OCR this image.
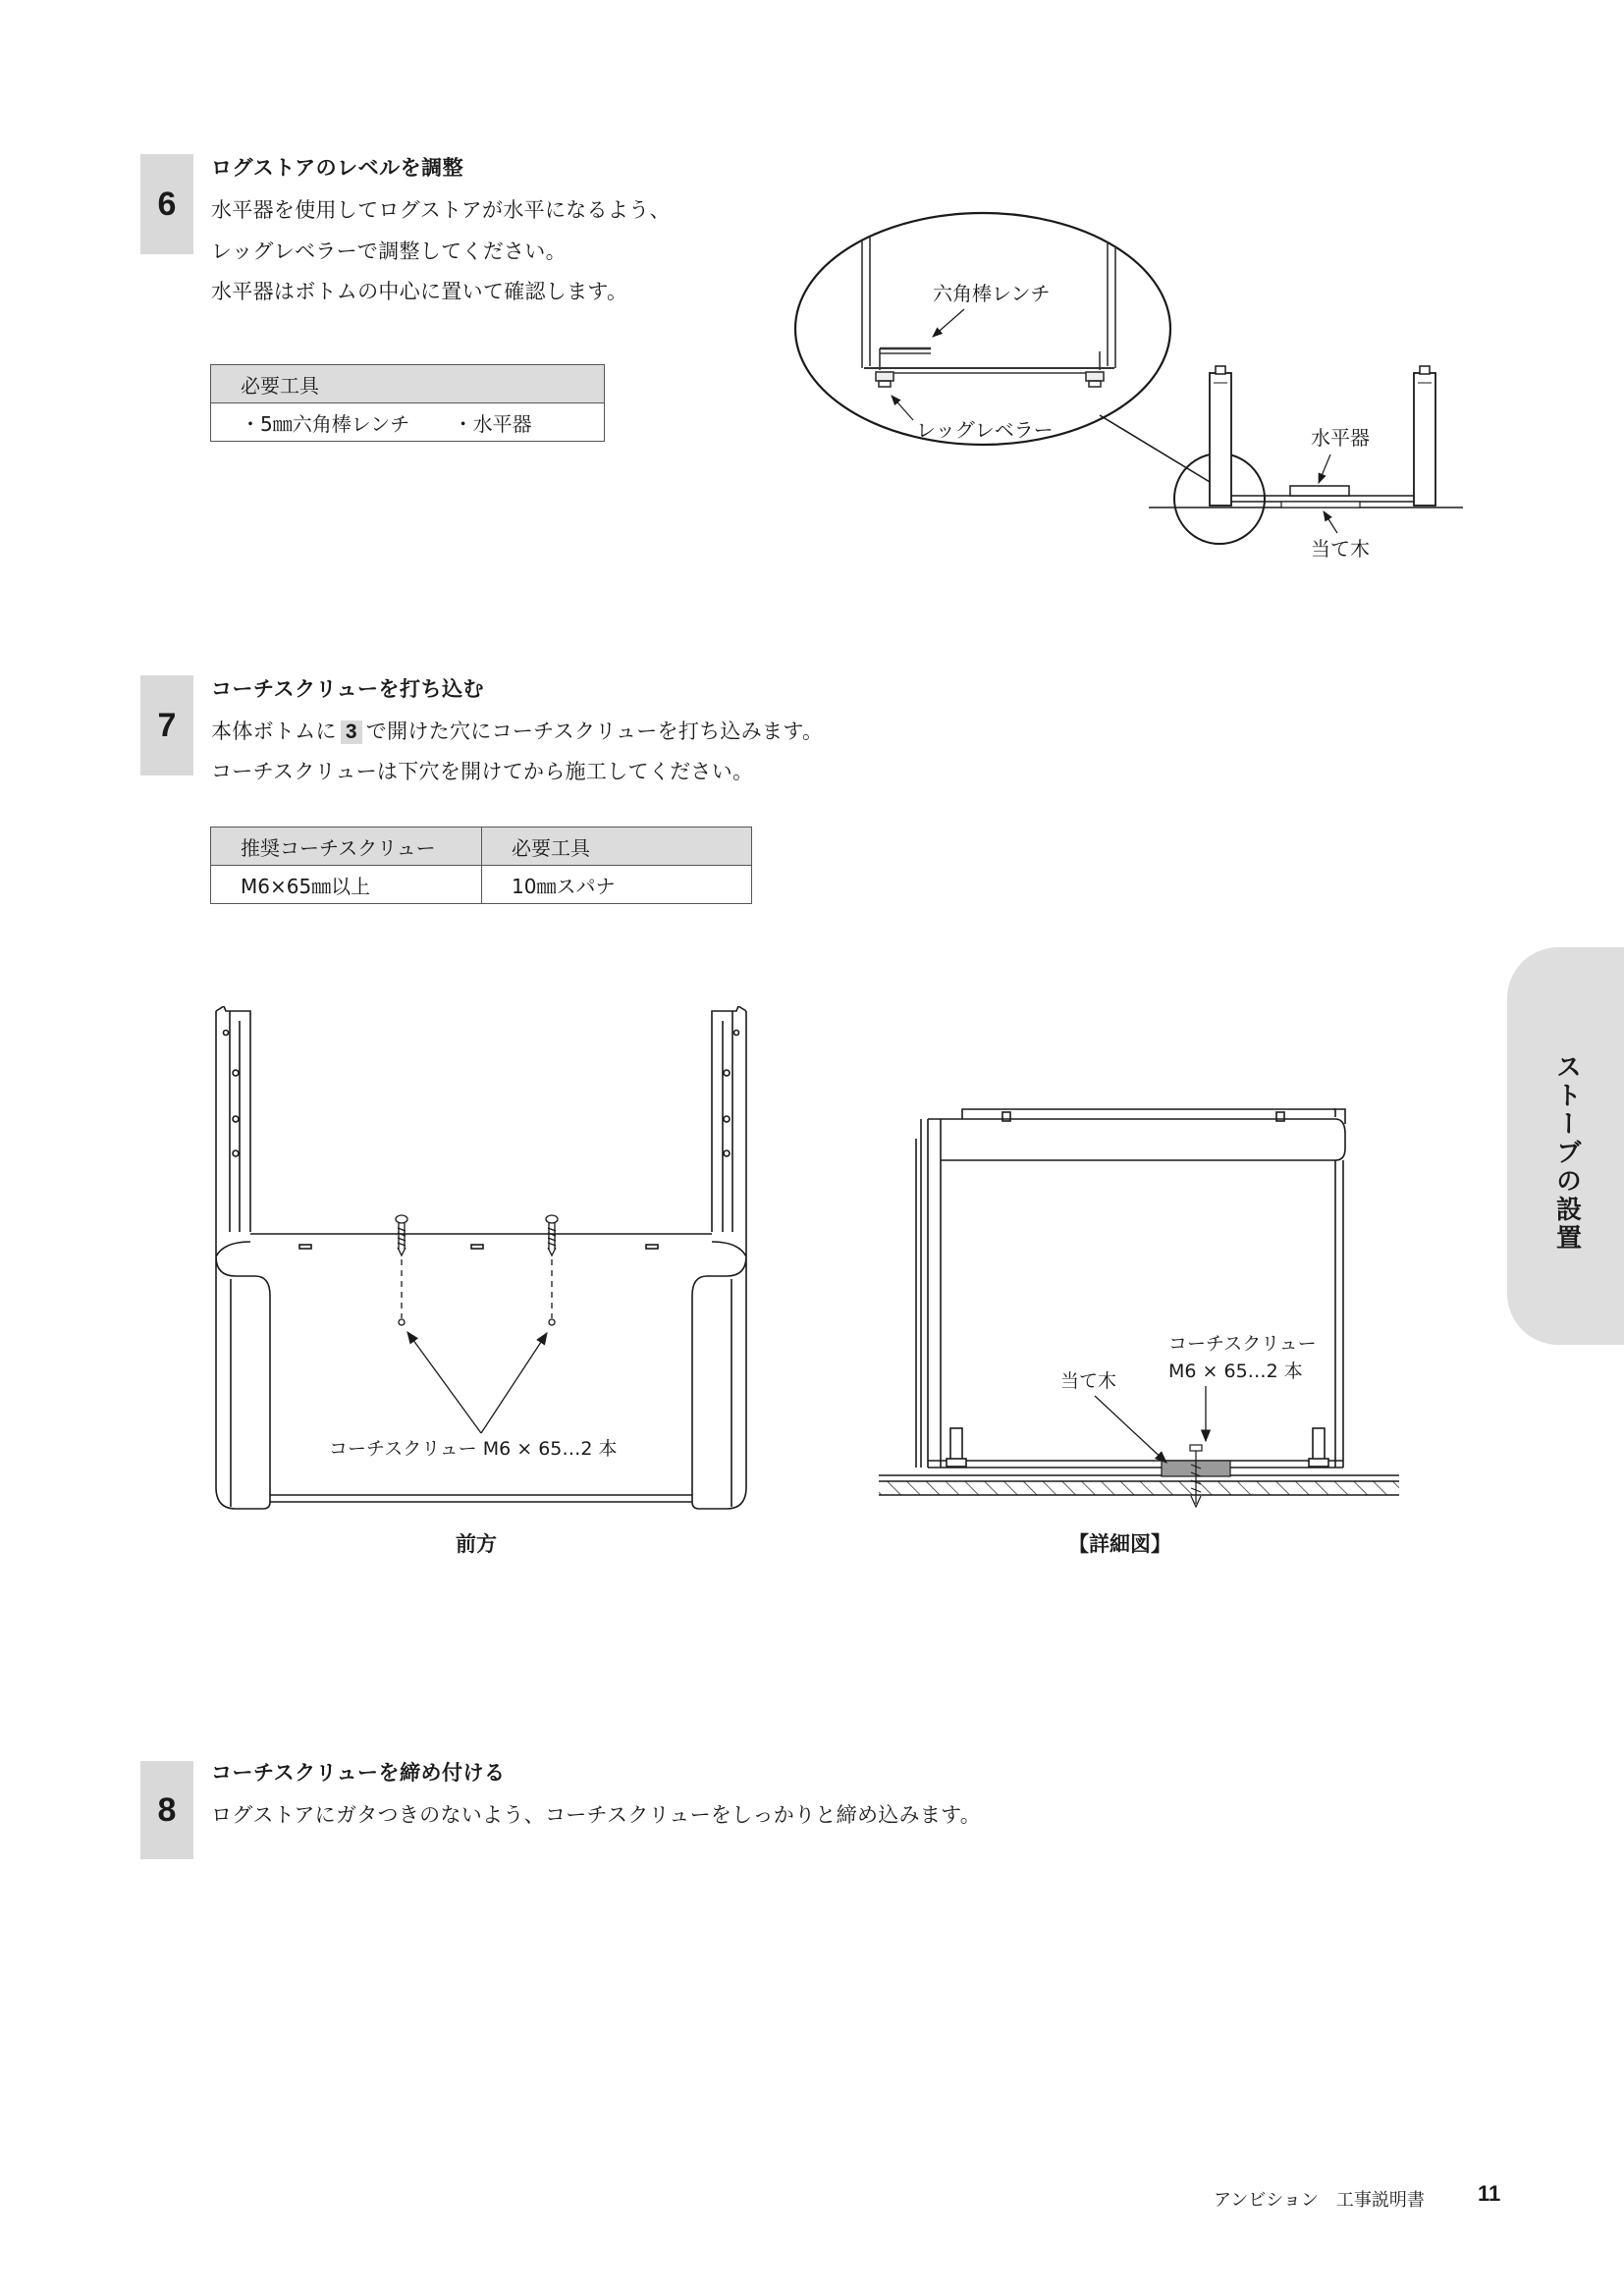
6
ログストアのレベルを調整
水平器を使用してログストアが水平になるよう、
レッグレベラーで調整してください。
水平器はボトムの中心に置いて確認します。
必要工具
・5㎜六角棒レンチ ・水平器
六角棒レンチ
レッグレベラー	水平器
当て木
7
コーチスクリューを打ち込む
本体ボトムに 3 で開けた穴にコーチスクリューを打ち込みます。
コーチスクリューは下穴を開けてから施工してください。
推奨コーチスクリュー	必要工具
M6×65㎜以上	10㎜スパナ
コーチスクリュー M6 × 65…2 本
前方
当て木
コーチスクリュー
M6 × 65…2 本
【詳細図】
8
コーチスクリューを締め付ける
ログストアにガタつきのないよう、コーチスクリューをしっかりと締め込みます。
ストーブの設置
アンビション　工事説明書 11
